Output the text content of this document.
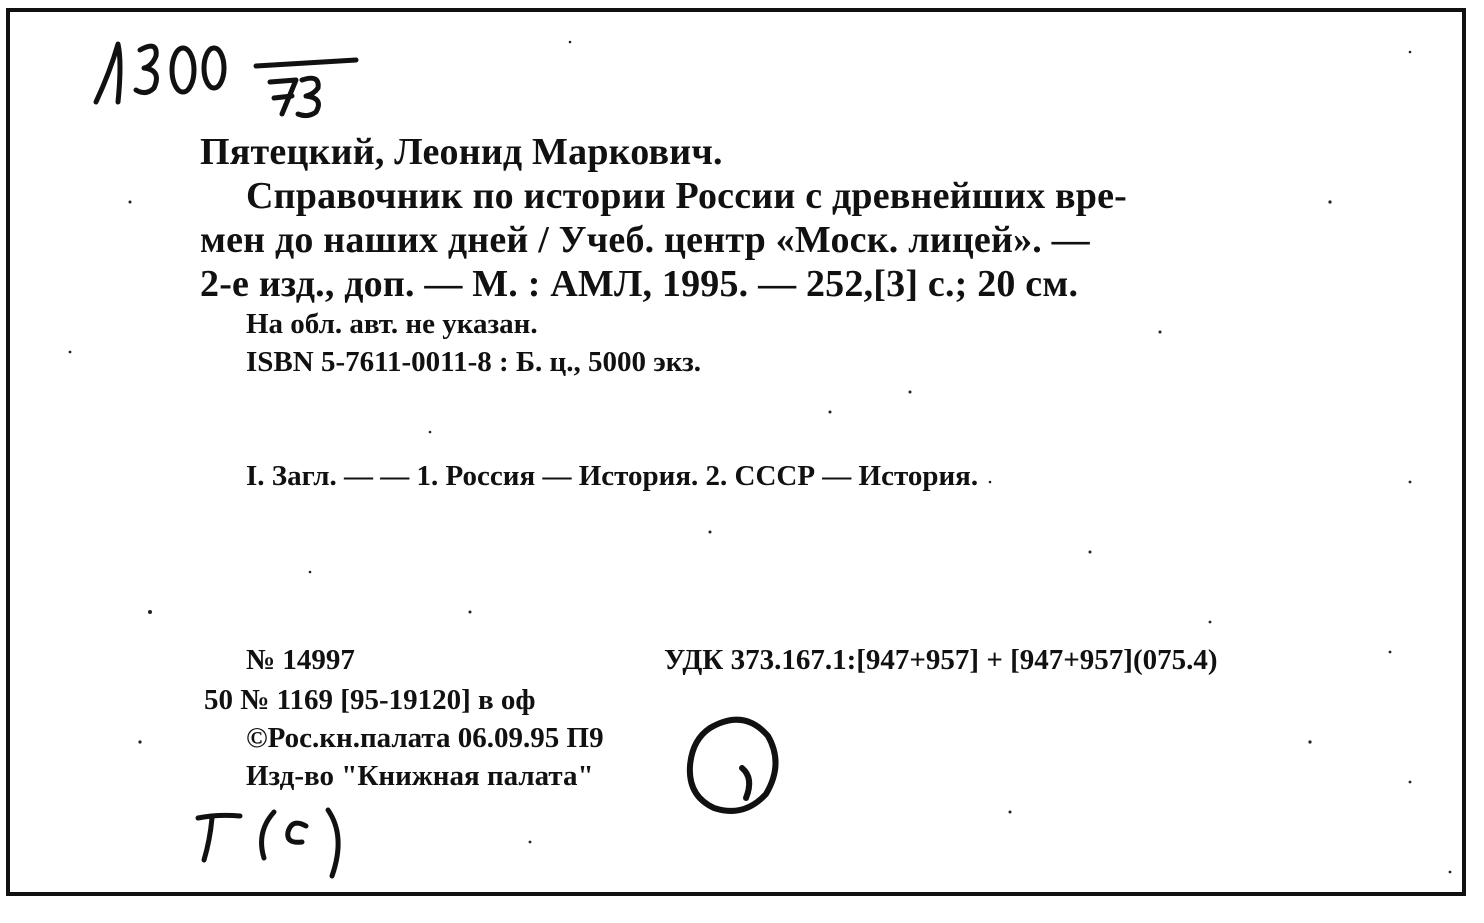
Пятецкий, Леонид Маркович.
Справочник по истории России с древнейших вре-
мен до наших дней / Учеб. центр «Моск. лицей». —
2-е изд., доп. — М. : АМЛ, 1995. — 252,[3] с.; 20 см.
На обл. авт. не указан.
ISBN 5-7611-0011-8 : Б. ц., 5000 экз.
I. Загл. — — 1. Россия — История. 2. СССР — История.
№ 14997	УДК 373.167.1:[947+957] + [947+957](075.4)
50 № 1169 [95-19120] в оф
©Рос.кн.палата 06.09.95 П9
Изд-во "Книжная палата"
